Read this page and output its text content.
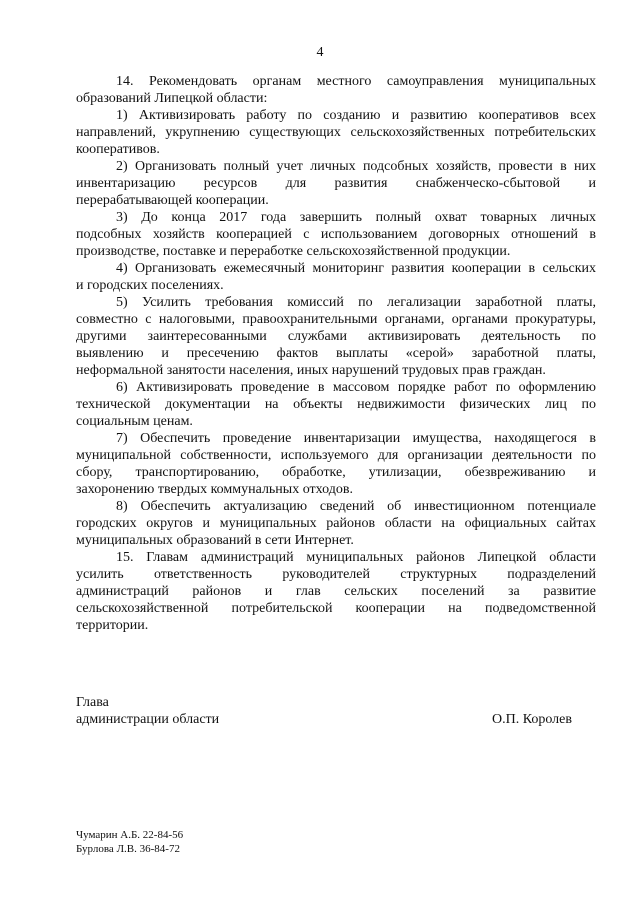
4
14. Рекомендовать органам местного самоуправления муниципальных
образований Липецкой области:
1) Активизировать работу по созданию и развитию кооперативов всех
направлений, укрупнению существующих сельскохозяйственных потребительских
кооперативов.
2) Организовать полный учет личных подсобных хозяйств, провести в них
инвентаризацию ресурсов для развития снабженческо-сбытовой и
перерабатывающей кооперации.
3) До конца 2017 года завершить полный охват товарных личных
подсобных хозяйств кооперацией с использованием договорных отношений в
производстве, поставке и переработке сельскохозяйственной продукции.
4) Организовать ежемесячный мониторинг развития кооперации в сельских
и городских поселениях.
5) Усилить требования комиссий по легализации заработной платы,
совместно с налоговыми, правоохранительными органами, органами прокуратуры,
другими заинтересованными службами активизировать деятельность по
выявлению и пресечению фактов выплаты «серой» заработной платы,
неформальной занятости населения, иных нарушений трудовых прав граждан.
6) Активизировать проведение в массовом порядке работ по оформлению
технической документации на объекты недвижимости физических лиц по
социальным ценам.
7) Обеспечить проведение инвентаризации имущества, находящегося в
муниципальной собственности, используемого для организации деятельности по
сбору, транспортированию, обработке, утилизации, обезвреживанию и
захоронению твердых коммунальных отходов.
8) Обеспечить актуализацию сведений об инвестиционном потенциале
городских округов и муниципальных районов области на официальных сайтах
муниципальных образований в сети Интернет.
15. Главам администраций муниципальных районов Липецкой области
усилить ответственность руководителей структурных подразделений
администраций районов и глав сельских поселений за развитие
сельскохозяйственной потребительской кооперации на подведомственной
территории.
Глава
администрации области	О.П. Королев
Чумарин А.Б. 22-84-56
Бурлова Л.В. 36-84-72
